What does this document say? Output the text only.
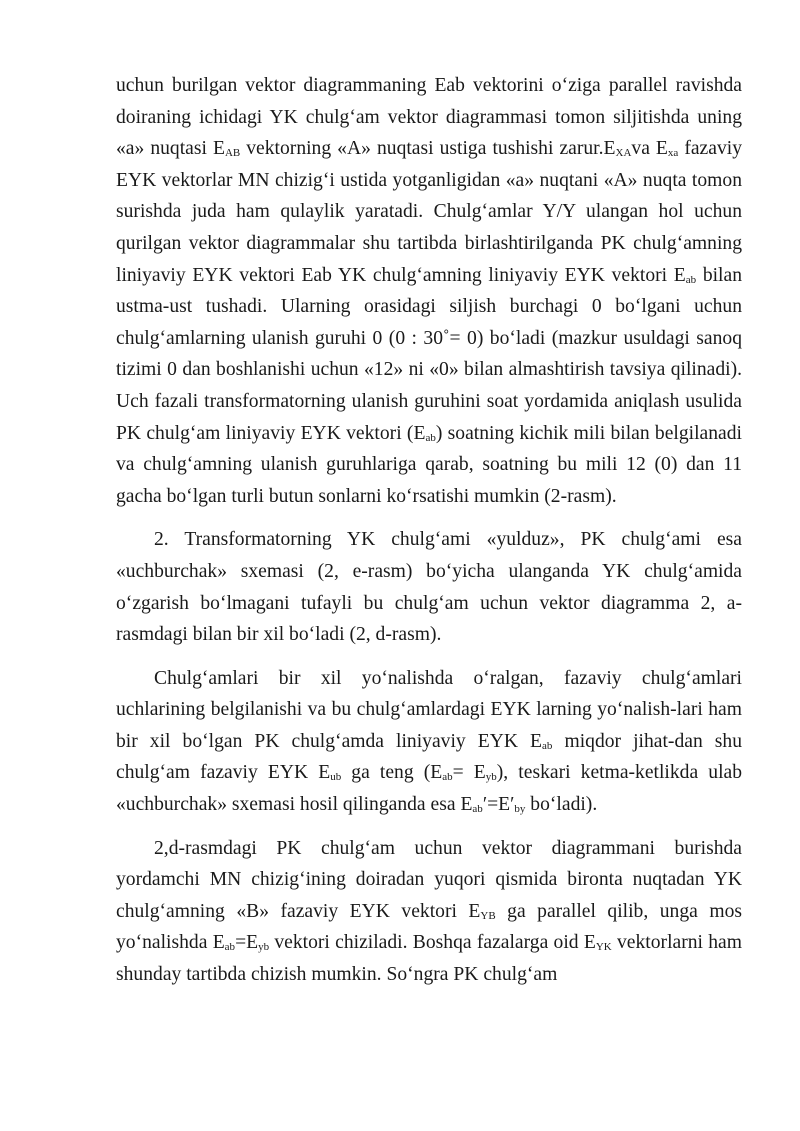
uchun burilgan vektor diagrammaning Eab vektorini o‘ziga parallel ravishda doiraning ichidagi YK chulg‘am vektor diagrammasi tomon siljitishda uning «a» nuqtasi $E_{AB}$ vektorning «A» nuqtasi ustiga tushishi $zarur.E_{XA}va$ $E_{xa}$ fazaviy EYK vektorlar MN chizig‘i ustida yotganligidan «a» nuqtani «A» nuqta tomon surishda juda ham qulaylik yaratadi. Chulg‘amlar Y/Y ulangan hol uchun qurilgan vektor diagrammalar shu tartibda birlashtirilganda PK chulg‘amning liniyaviy EYK vektori Eab YK chulg‘amning liniyaviy EYK vektori $E_{ab}$ bilan ustma-ust tushadi. Ularning orasidagi siljish burchagi 0 bo‘lgani uchun chulg‘amlarning ulanish guruhi 0 (0 : 30˚= 0) bo‘ladi (mazkur usuldagi sanoq tizimi 0 dan boshlanishi uchun «12» ni «0» bilan almashtirish tavsiya qilinadi). Uch fazali transformatorning ulanish guruhini soat yordamida aniqlash usulida PK chulg‘am liniyaviy EYK vektori $(E_{ab})$ soatning kichik mili bilan belgilanadi va chulg‘amning ulanish guruhlariga qarab, soatning bu mili 12 (0) dan 11 gacha bo‘lgan turli butun sonlarni ko‘rsatishi mumkin (2-rasm).

2. Transformatorning YK chulg‘ami «yulduz», PK chulg‘ami esa «uchburchak» sxemasi (2, e-rasm) bo‘yicha ulanganda YK chulg‘amida o‘zgarish bo‘lmagani tufayli bu chulg‘am uchun vektor diagramma 2, a-rasmdagi bilan bir xil bo‘ladi (2, d-rasm).

Chulg‘amlari bir xil yo‘nalishda o‘ralgan, fazaviy chulg‘amlari uchlarining belgilanishi va bu chulg‘amlardagi EYK larning yo‘nalish-lari ham bir xil bo‘lgan PK chulg‘amda liniyaviy EYK $E_{ab}$ miqdor jihat-dan shu chulg‘am fazaviy EYK $E_{ub}$ ga teng $(E_{ab}= E_{yb})$, teskari ketma-ketlikda ulab «uchburchak» sxemasi hosil qilinganda esa $E_{ab}'=E'_{by}$ bo‘ladi).

2,d-rasmdagi PK chulg‘am uchun vektor diagrammani burishda yordamchi MN chizig‘ining doiradan yuqori qismida bironta nuqtadan YK chulg‘amning «B» fazaviy EYK vektori $E_{YB}$ ga parallel qilib, unga mos yo‘nalishda $E_{ab}=E_{yb}$ vektori chiziladi. Boshqa fazalarga oid $E_{YK}$ vektorlarni ham shunday tartibda chizish mumkin. So‘ngra PK chulg‘am
